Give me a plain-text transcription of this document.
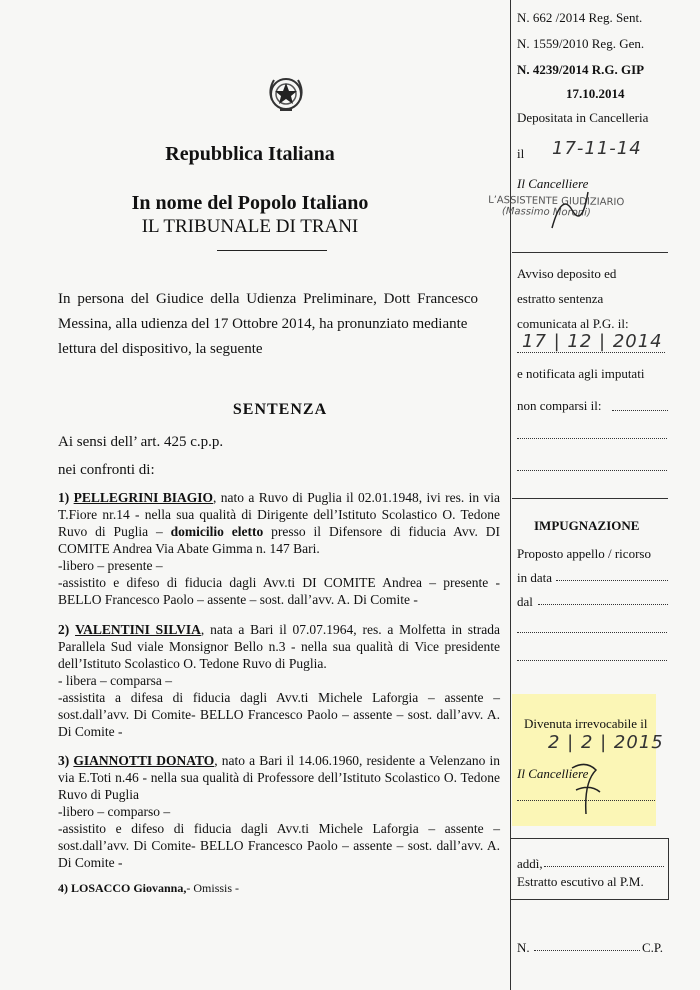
Repubblica Italiana
In nome del Popolo Italiano
IL TRIBUNALE DI TRANI
In persona del Giudice della Udienza Preliminare, Dott Francesco
Messina, alla udienza del 17 Ottobre 2014, ha pronunziato mediante
lettura del dispositivo, la seguente
SENTENZA
Ai sensi dell’ art. 425 c.p.p.
nei confronti di:
1) PELLEGRINI BIAGIO, nato a Ruvo di Puglia il 02.01.1948, ivi res. in via T.Fiore nr.14 - nella sua qualità di Dirigente dell’Istituto Scolastico O. Tedone Ruvo di Puglia – domicilio eletto presso il Difensore di fiducia Avv. DI COMITE Andrea Via Abate Gimma n. 147 Bari.
-libero – presente –
-assistito e difeso di fiducia dagli Avv.ti DI COMITE Andrea – presente - BELLO Francesco Paolo – assente – sost. dall’avv. A. Di Comite -
2) VALENTINI SILVIA, nata a Bari il 07.07.1964, res. a Molfetta in strada Parallela Sud viale Monsignor Bello n.3 - nella sua qualità di Vice presidente dell’Istituto Scolastico O. Tedone Ruvo di Puglia.
- libera – comparsa –
-assistita a difesa di fiducia dagli Avv.ti Michele Laforgia – assente – sost.dall’avv. Di Comite- BELLO Francesco Paolo – assente – sost. dall’avv. A. Di Comite -
3) GIANNOTTI DONATO, nato a Bari il 14.06.1960, residente a Velenzano in via E.Toti n.46 - nella sua qualità di Professore dell’Istituto Scolastico O. Tedone Ruvo di Puglia
-libero – comparso –
-assistito e difeso di fiducia dagli Avv.ti Michele Laforgia – assente – sost.dall’avv. Di Comite- BELLO Francesco Paolo – assente – sost. dall’avv. A. Di Comite -
4) LOSACCO Giovanna,- Omissis -
N. 662 /2014 Reg. Sent.
N. 1559/2010 Reg. Gen.
N. 4239/2014 R.G. GIP
17.10.2014
Depositata in Cancelleria
il 17-11-14
Il Cancelliere
L’ASSISTENTE GIUDIZIARIO
(Massimo Moroni)
Avviso deposito ed
estratto sentenza
comunicata al P.G. il:
17 | 12 | 2014
e notificata agli imputati
non comparsi il:
IMPUGNAZIONE
Proposto appello / ricorso
in data
dal
Divenuta irrevocabile il
2 | 2 | 2015
Il Cancelliere
addì,
Estratto escutivo al P.M.
N.	C.P.
